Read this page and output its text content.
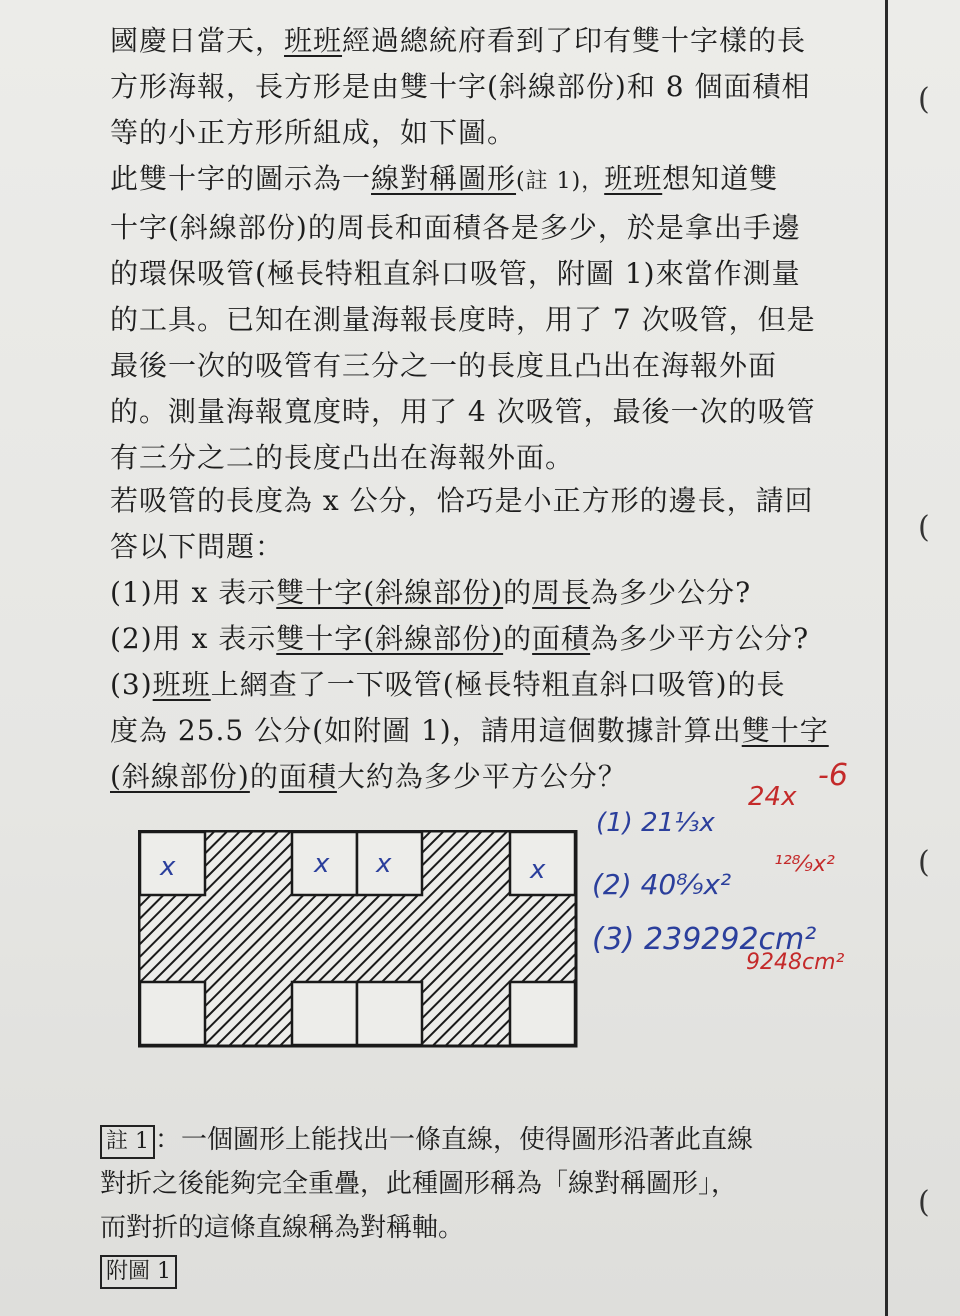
(
(
(
(
國慶日當天，班班經過總統府看到了印有雙十字樣的長
方形海報，長方形是由雙十字(斜線部份)和 8 個面積相
等的小正方形所組成，如下圖。
此雙十字的圖示為一線對稱圖形(註 1)，班班想知道雙
十字(斜線部份)的周長和面積各是多少，於是拿出手邊
的環保吸管(極長特粗直斜口吸管，附圖 1)來當作測量
的工具。已知在測量海報長度時，用了 7 次吸管，但是
最後一次的吸管有三分之一的長度且凸出在海報外面
的。測量海報寬度時，用了 4 次吸管，最後一次的吸管
有三分之二的長度凸出在海報外面。
若吸管的長度為 x 公分，恰巧是小正方形的邊長，請回
答以下問題：
(1)用 x 表示雙十字(斜線部份)的周長為多少公分?
(2)用 x 表示雙十字(斜線部份)的面積為多少平方公分?
(3)班班上網查了一下吸管(極長特粗直斜口吸管)的長
度為 25.5 公分(如附圖 1)，請用這個數據計算出雙十字
(斜線部份)的面積大約為多少平方公分？
x	x x	x
-6
(1) 21⅓x
24x
(2) 40⁸⁄₉x²
¹²⁸⁄₉x²
(3) 239292cm²
9248cm²
註 1 ：一個圖形上能找出一條直線，使得圖形沿著此直線
對折之後能夠完全重疊，此種圖形稱為「線對稱圖形」，
而對折的這條直線稱為對稱軸。
附圖 1
